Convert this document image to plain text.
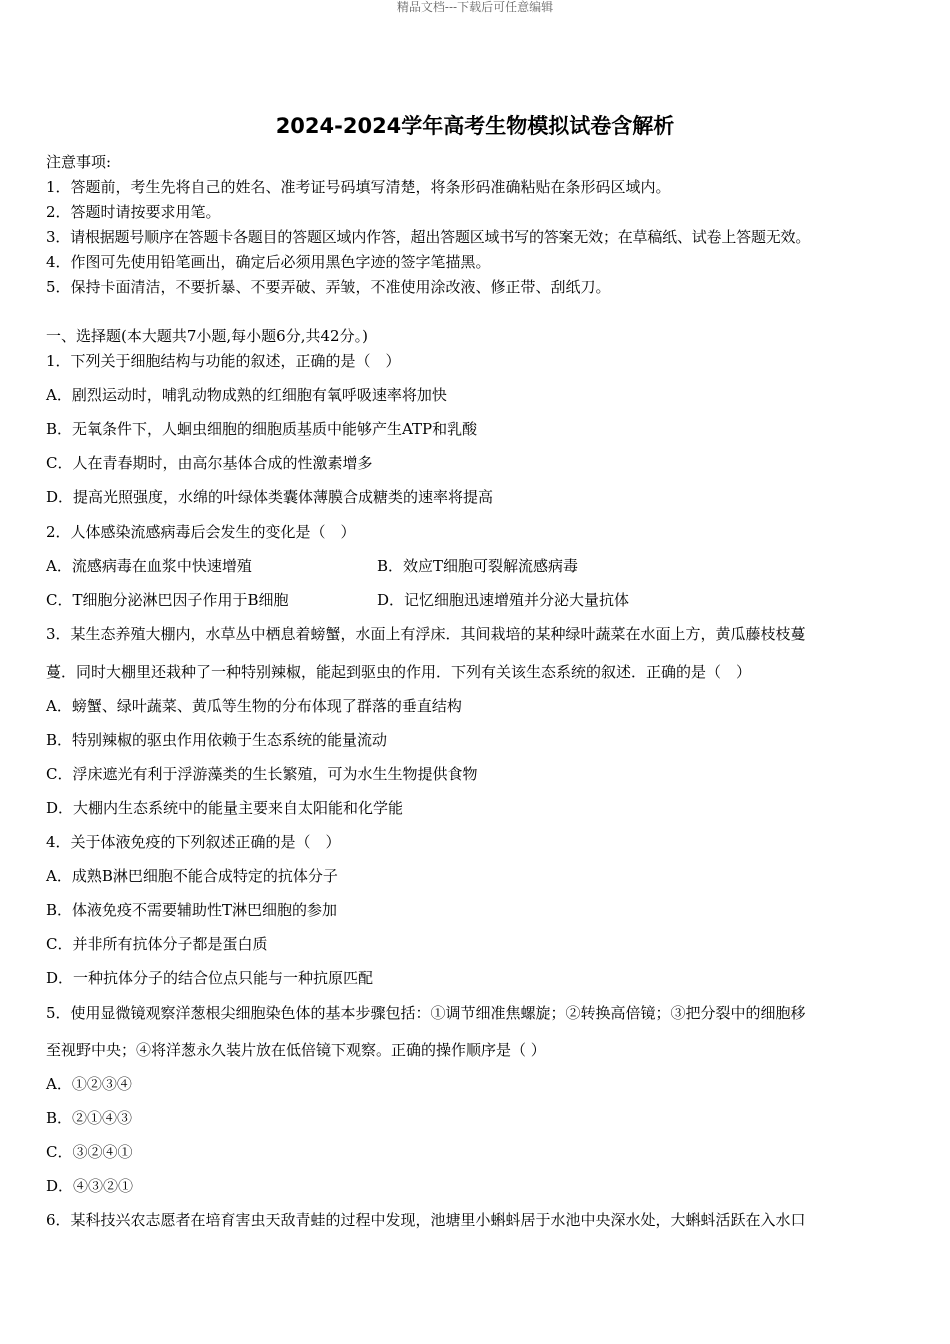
精品文档---下载后可任意编辑
2024-2024学年高考生物模拟试卷含解析
注意事项:
1．答题前，考生先将自己的姓名、准考证号码填写清楚，将条形码准确粘贴在条形码区域内。
2．答题时请按要求用笔。
3．请根据题号顺序在答题卡各题目的答题区域内作答，超出答题区域书写的答案无效；在草稿纸、试卷上答题无效。
4．作图可先使用铅笔画出，确定后必须用黑色字迹的签字笔描黑。
5．保持卡面清洁，不要折暴、不要弄破、弄皱，不准使用涂改液、修正带、刮纸刀。
一、选择题(本大题共7小题,每小题6分,共42分。)
1．下列关于细胞结构与功能的叙述，正确的是（　）
A．剧烈运动时，哺乳动物成熟的红细胞有氧呼吸速率将加快
B．无氧条件下，人蛔虫细胞的细胞质基质中能够产生ATP和乳酸
C．人在青春期时，由高尔基体合成的性激素增多
D．提高光照强度，水绵的叶绿体类囊体薄膜合成糖类的速率将提高
2．人体感染流感病毒后会发生的变化是（　）
A．流感病毒在血浆中快速增殖	B．效应T细胞可裂解流感病毒
C．T细胞分泌淋巴因子作用于B细胞	D．记忆细胞迅速增殖并分泌大量抗体
3．某生态养殖大棚内，水草丛中栖息着螃蟹，水面上有浮床．其间栽培的某种绿叶蔬菜在水面上方，黄瓜藤枝枝蔓
蔓．同时大棚里还栽种了一种特别辣椒，能起到驱虫的作用．下列有关该生态系统的叙述．正确的是（　）
A．螃蟹、绿叶蔬菜、黄瓜等生物的分布体现了群落的垂直结构
B．特别辣椒的驱虫作用依赖于生态系统的能量流动
C．浮床遮光有利于浮游藻类的生长繁殖，可为水生生物提供食物
D．大棚内生态系统中的能量主要来自太阳能和化学能
4．关于体液免疫的下列叙述正确的是（　）
A．成熟B淋巴细胞不能合成特定的抗体分子
B．体液免疫不需要辅助性T淋巴细胞的参加
C．并非所有抗体分子都是蛋白质
D．一种抗体分子的结合位点只能与一种抗原匹配
5．使用显微镜观察洋葱根尖细胞染色体的基本步骤包括：①调节细准焦螺旋；②转换高倍镜；③把分裂中的细胞移
至视野中央；④将洋葱永久装片放在低倍镜下观察。正确的操作顺序是（ ）
A．①②③④
B．②①④③
C．③②④①
D．④③②①
6．某科技兴农志愿者在培育害虫天敌青蛙的过程中发现，池塘里小蝌蚪居于水池中央深水处，大蝌蚪活跃在入水口
